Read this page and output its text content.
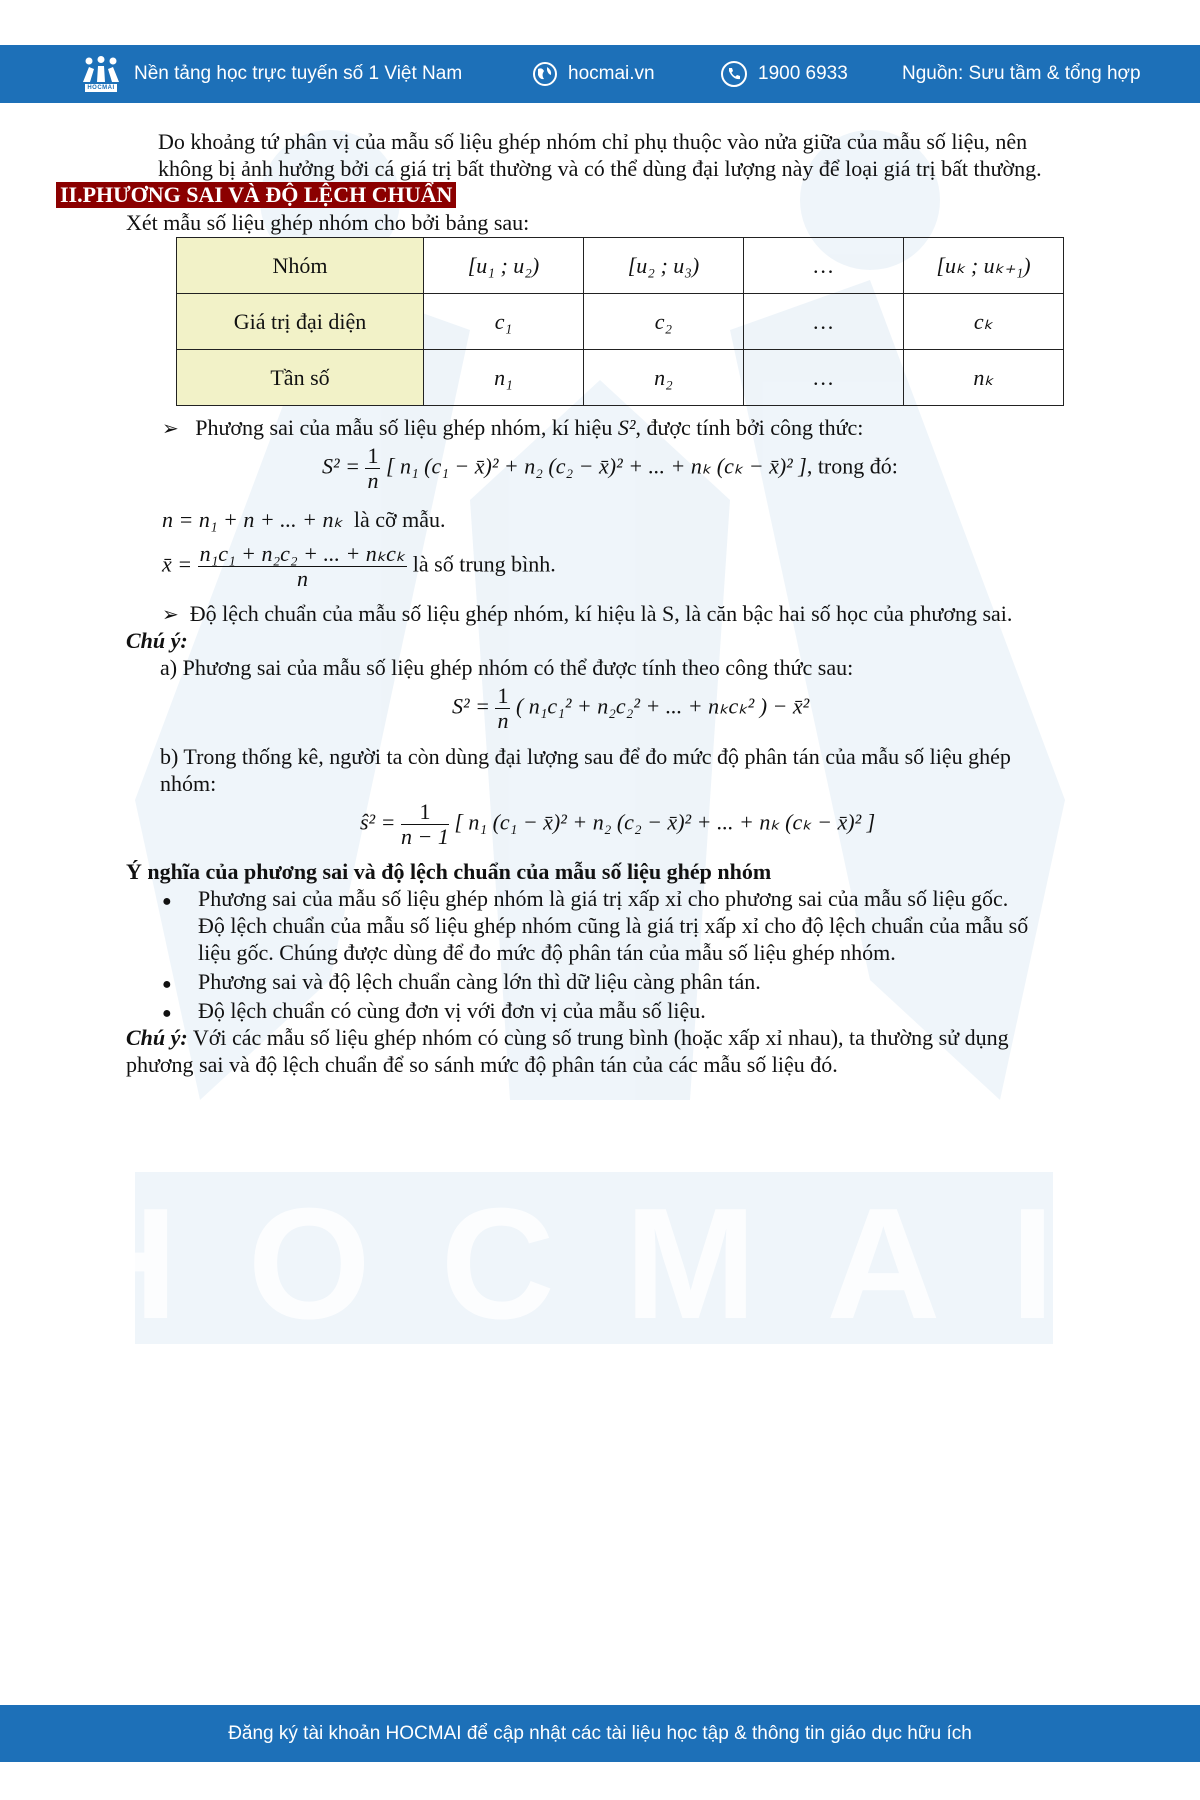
HOCMAI
HOCMAI
Nền tảng học trực tuyến số 1 Việt Nam	hocmai.vn	1900 6933	Nguồn: Sưu tầm & tổng hợp
Do khoảng tứ phân vị của mẫu số liệu ghép nhóm chỉ phụ thuộc vào nửa giữa của mẫu số liệu, nên
không bị ảnh hưởng bởi cá giá trị bất thường và có thể dùng đại lượng này để loại giá trị bất thường.
II.PHƯƠNG SAI VÀ ĐỘ LỆCH CHUẨN
Xét mẫu số liệu ghép nhóm cho bởi bảng sau:
Nhóm	[u₁ ; u₂)	[u₂ ; u₃)	…	[uₖ ; uₖ₊₁)
Giá trị đại diện	c₁	c₂	…	cₖ
Tần số	n₁	n₂	…	nₖ
➢ Phương sai của mẫu số liệu ghép nhóm, kí hiệu S², được tính bởi công thức:
$S^2 = \frac{1}{n}$ [ n₁ (c₁ − x̄)² + n₂ (c₂ − x̄)² + ... + nₖ (cₖ − x̄)² ], trong đó:
n = n₁ + n + ... + nₖ là cỡ mẫu.
x̄ = $\frac{\text{n₁c₁ + n₂c₂ + ... + nₖcₖ}}{n}$ là số trung bình.
➢ Độ lệch chuẩn của mẫu số liệu ghép nhóm, kí hiệu là S, là căn bậc hai số học của phương sai.
Chú ý:
a) Phương sai của mẫu số liệu ghép nhóm có thể được tính theo công thức sau:
$S^2 = \frac{1}{n}$ ( n₁c₁² + n₂c₂² + ... + nₖcₖ² ) − x̄²
b) Trong thống kê, người ta còn dùng đại lượng sau để đo mức độ phân tán của mẫu số liệu ghép
nhóm:
ŝ² = $\frac{1}{n - 1}$ [ n₁ (c₁ − x̄)² + n₂ (c₂ − x̄)² + ... + nₖ (cₖ − x̄)² ]
Ý nghĩa của phương sai và độ lệch chuẩn của mẫu số liệu ghép nhóm
● Phương sai của mẫu số liệu ghép nhóm là giá trị xấp xỉ cho phương sai của mẫu số liệu gốc.
Độ lệch chuẩn của mẫu số liệu ghép nhóm cũng là giá trị xấp xỉ cho độ lệch chuẩn của mẫu số
liệu gốc. Chúng được dùng để đo mức độ phân tán của mẫu số liệu ghép nhóm.
● Phương sai và độ lệch chuẩn càng lớn thì dữ liệu càng phân tán.
● Độ lệch chuẩn có cùng đơn vị với đơn vị của mẫu số liệu.
Chú ý: Với các mẫu số liệu ghép nhóm có cùng số trung bình (hoặc xấp xỉ nhau), ta thường sử dụng
phương sai và độ lệch chuẩn để so sánh mức độ phân tán của các mẫu số liệu đó.
Đăng ký tài khoản HOCMAI để cập nhật các tài liệu học tập & thông tin giáo dục hữu ích
